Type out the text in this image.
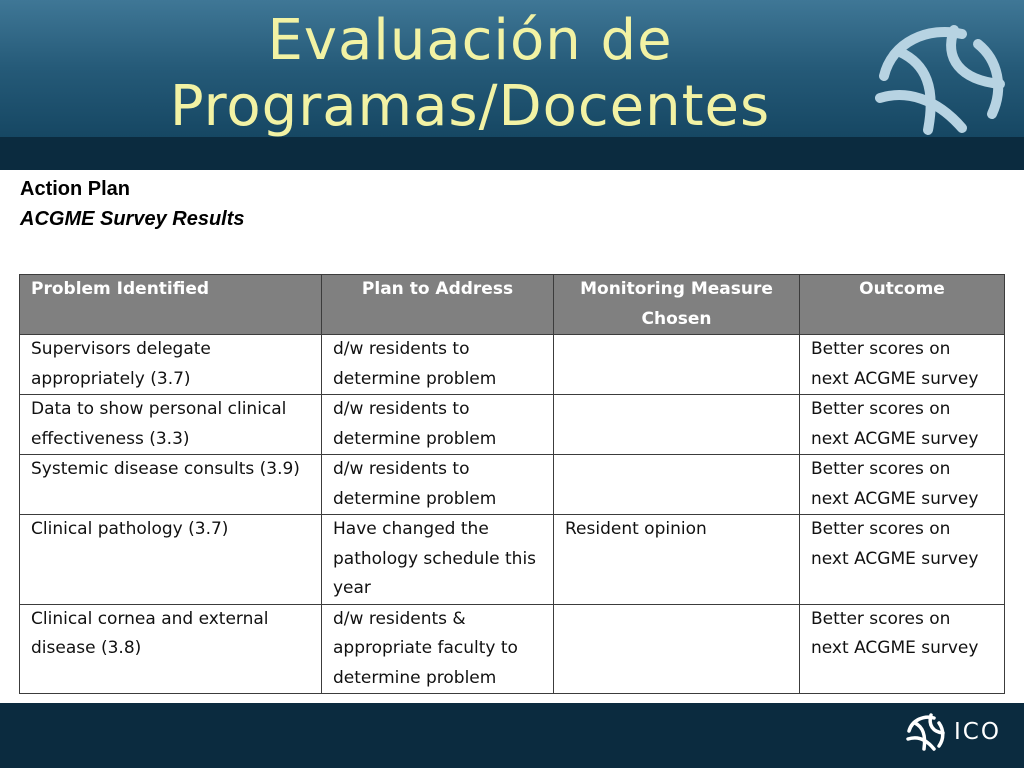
Evaluación de
Programas/Docentes
Action Plan
ACGME Survey Results
Problem Identified	Plan to Address	Monitoring Measure Chosen	Outcome
Supervisors delegate appropriately (3.7)	d/w residents to determine problem		Better scores on next ACGME survey
Data to show personal clinical effectiveness (3.3)	d/w residents to determine problem		Better scores on next ACGME survey
Systemic disease consults (3.9)	d/w residents to determine problem		Better scores on next ACGME survey
Clinical pathology (3.7)	Have changed the pathology schedule this year	Resident opinion	Better scores on next ACGME survey
Clinical cornea and external disease (3.8)	d/w residents & appropriate faculty to determine problem		Better scores on next ACGME survey
ICO
